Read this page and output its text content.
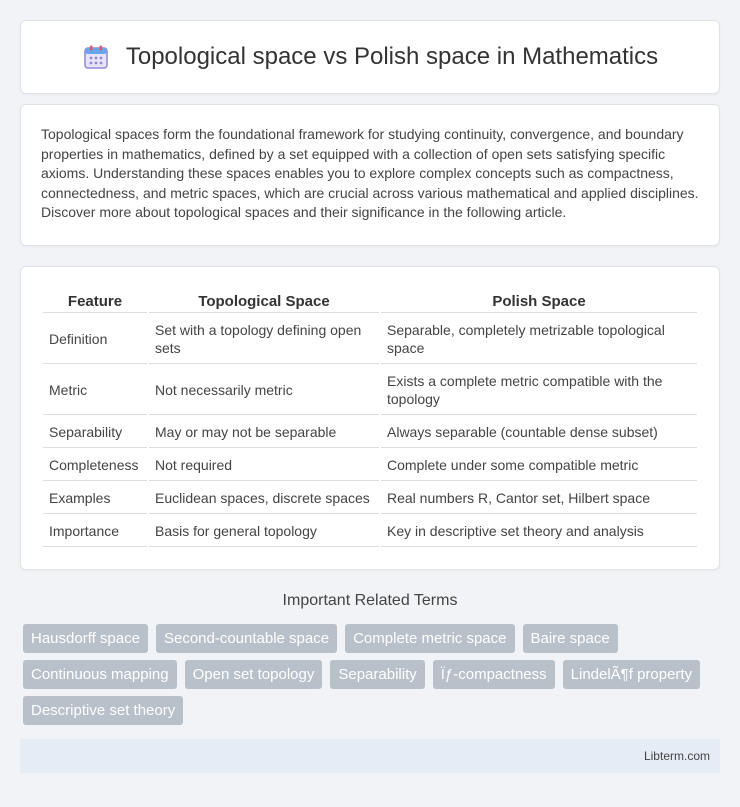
Topological space vs Polish space in Mathematics

Topological spaces form the foundational framework for studying continuity, convergence, and boundary properties in mathematics, defined by a set equipped with a collection of open sets satisfying specific axioms. Understanding these spaces enables you to explore complex concepts such as compactness, connectedness, and metric spaces, which are crucial across various mathematical and applied disciplines. Discover more about topological spaces and their significance in the following article.

Feature	Topological Space	Polish Space
Definition	Set with a topology defining open sets	Separable, completely metrizable topological space
Metric	Not necessarily metric	Exists a complete metric compatible with the topology
Separability	May or may not be separable	Always separable (countable dense subset)
Completeness	Not required	Complete under some compatible metric
Examples	Euclidean spaces, discrete spaces	Real numbers R, Cantor set, Hilbert space
Importance	Basis for general topology	Key in descriptive set theory and analysis
Important Related Terms
Hausdorff space	Second-countable space	Complete metric space	Baire space
Continuous mapping	Open set topology	Separability	Ïƒ-compactness	LindelÃ¶f property
Descriptive set theory
Libterm.com
